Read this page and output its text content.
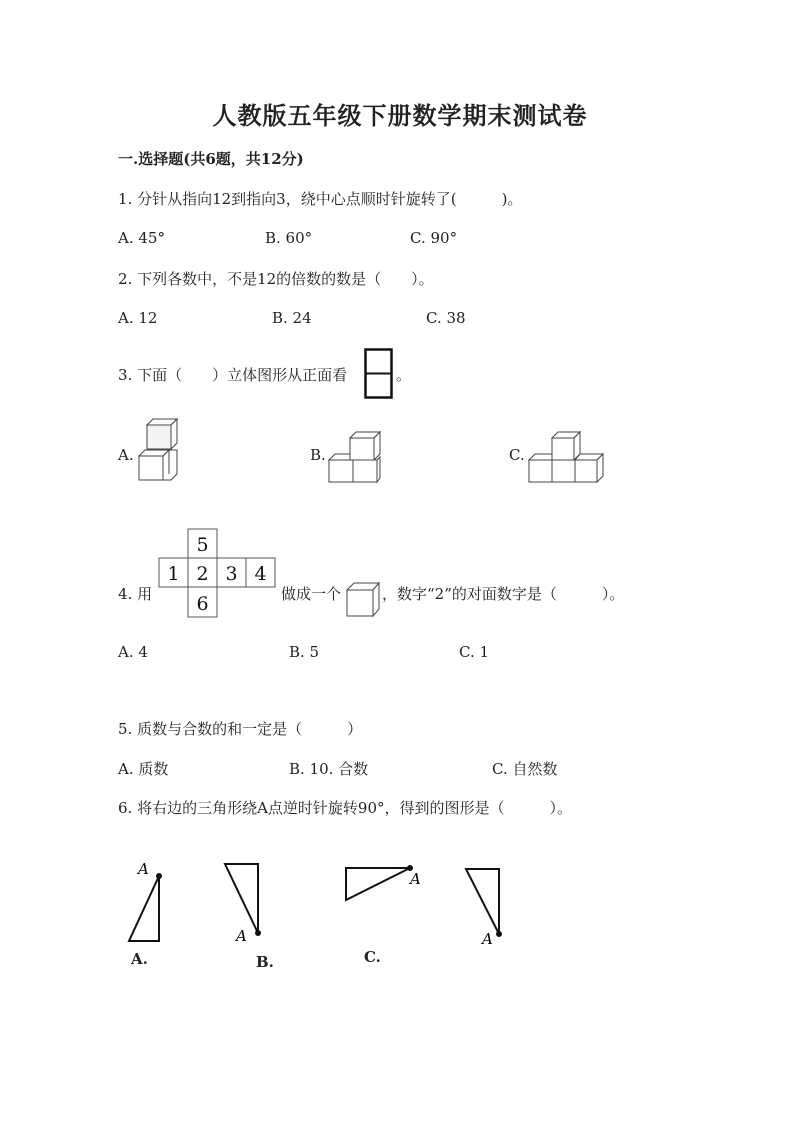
人教版五年级下册数学期末测试卷
一.选择题(共6题，共12分)
1. 分针从指向12到指向3，绕中心点顺时针旋转了(　　　)。
A. 45°	B. 60°	C. 90°
2. 下列各数中，不是12的倍数的数是（　　）。
A. 12	B. 24	C. 38
3. 下面（　　）立体图形从正面看	。
A.	B.	C.
4. 用
5
1 2 3 4
6	做成一个	，数字“2”的对面数字是（　　　）。
A. 4	B. 5	C. 1
5. 质数与合数的和一定是（　　　）
A. 质数	B. 10. 合数	C. 自然数
6. 将右边的三角形绕A点逆时针旋转90°，得到的图形是（　　　）。
A
A.
A
B.
A
C.
A
